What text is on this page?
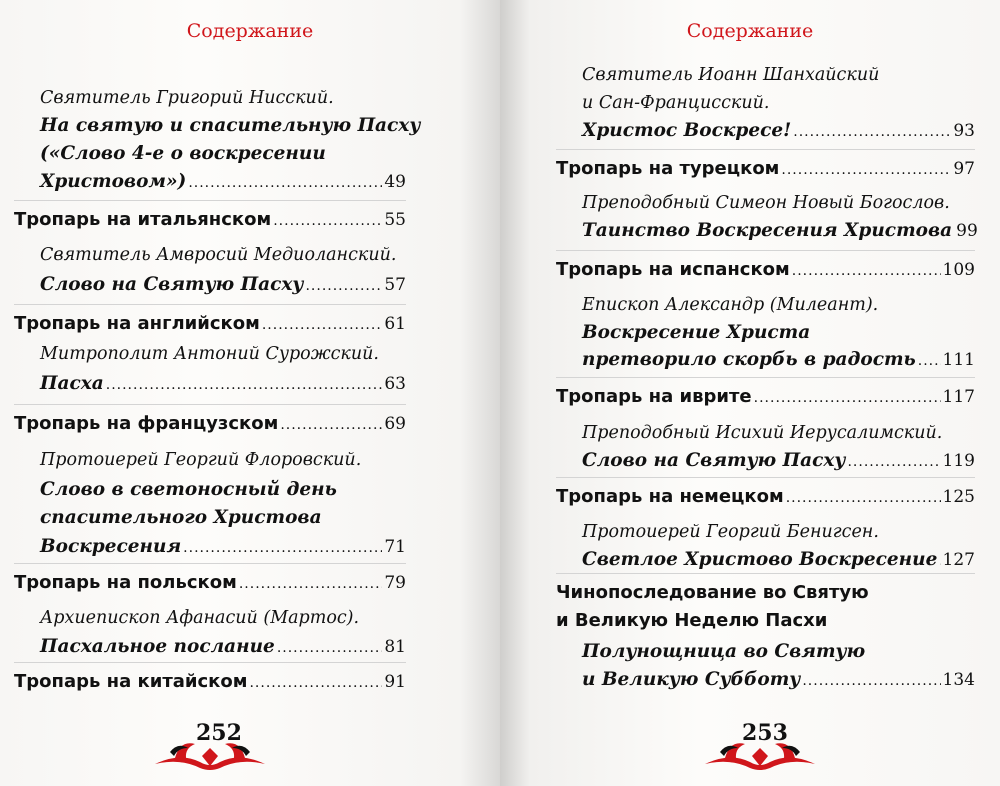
Содержание
Святитель Григорий Нисский.
На святую и спасительную Пасху
(«Слово 4-е о воскресении
Христовом») .....	49
Тропарь на итальянском .....	55
Святитель Амвросий Медиоланский.
Слово на Святую Пасху .....	57
Тропарь на английском .....	61
Митрополит Антоний Сурожский.
Пасха .....	63
Тропарь на французском .....	69
Протоиерей Георгий Флоровский.
Слово в светоносный день
спасительного Христова
Воскресения .....	71
Тропарь на польском .....	79
Архиепископ Афанасий (Мартос).
Пасхальное послание .....	81
Тропарь на китайском .....	91
252
Содержание
Святитель Иоанн Шанхайский
и Сан-Францисский.
Христос Воскресе! .....	93
Тропарь на турецком .....	97
Преподобный Симеон Новый Богослов.
Таинство Воскресения Христова 99
Тропарь на испанском .....	109
Епископ Александр (Милеант).
Воскресение Христа
претворило скорбь в радость ..... 111
Тропарь на иврите .....	117
Преподобный Исихий Иерусалимский.
Слово на Святую Пасху .....	119
Тропарь на немецком .....	125
Протоиерей Георгий Бенигсен.
Светлое Христово Воскресение ..... 127
Чинопоследование во Святую
и Великую Неделю Пасхи
Полунощница во Святую
и Великую Субботу .....	134
253
